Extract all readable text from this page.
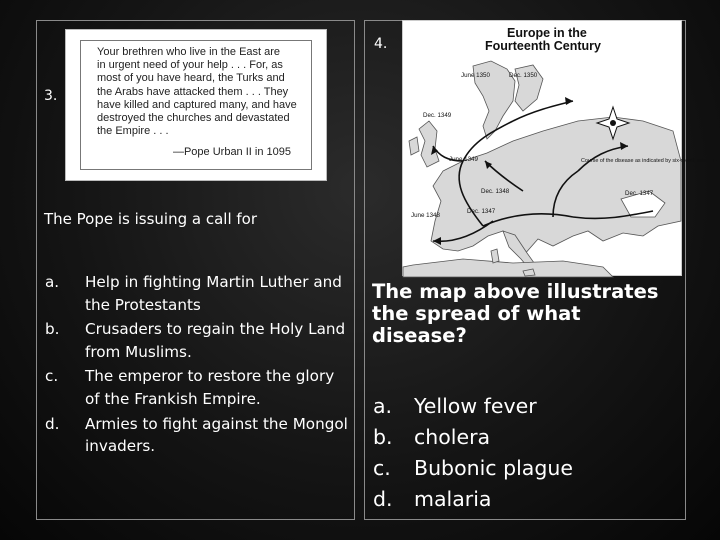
3.
Your brethren who live in the East are
in urgent need of your help . . . For, as
most of you have heard, the Turks and
the Arabs have attacked them . . . They
have killed and captured many, and have
destroyed the churches and devastated
the Empire . . .
—Pope Urban II in 1095
The Pope is issuing a call for
a. Help in fighting Martin Luther and the Protestants
b. Crusaders to regain the Holy Land from Muslims.
c. The emperor to restore the glory of the Frankish Empire.
d. Armies to fight against the Mongol invaders.
4.
Europe in the
Fourteenth Century
June 1350	Dec. 1350
Dec. 1349
June 1349
June 1348
Dec. 1348	Dec. 1347
Dec. 1347
Course of the disease as indicated by six-month intervals
The map above illustrates the spread of what disease?
a. Yellow fever
b. cholera
c. Bubonic plague
d. malaria
